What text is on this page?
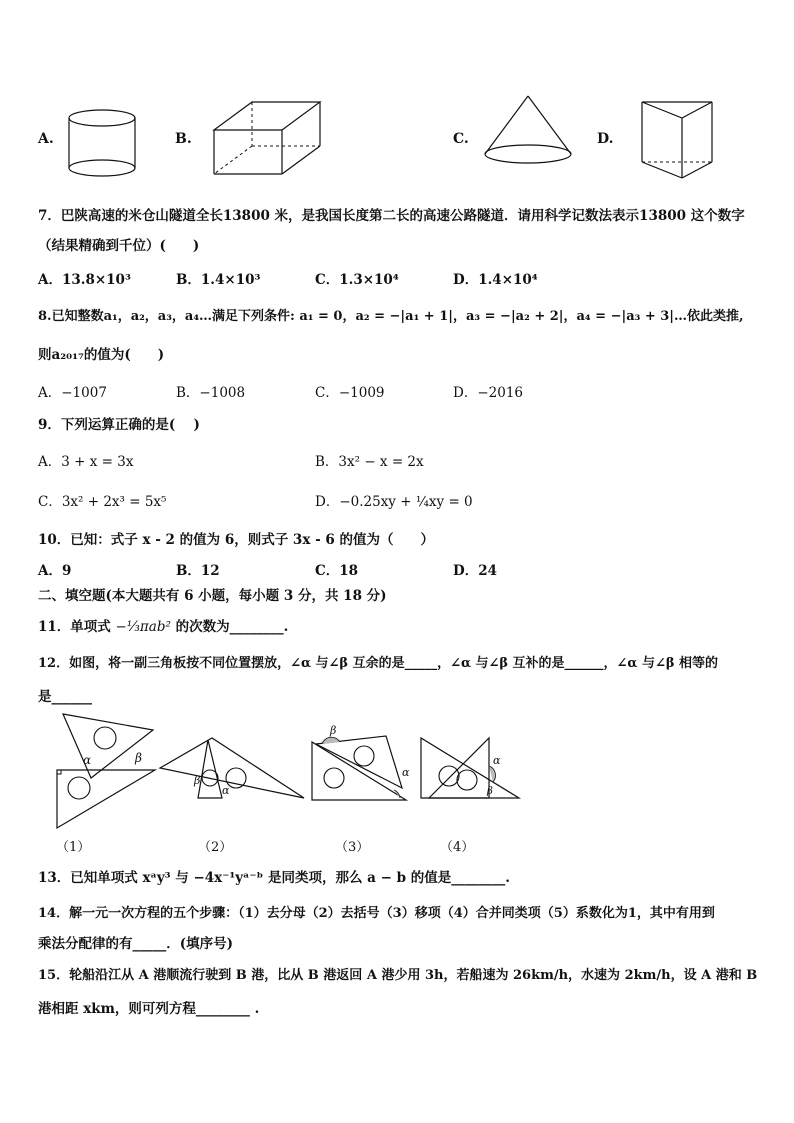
A.	B.	C.	D.
7．巴陕高速的米仓山隧道全长13800 米，是我国长度第二长的高速公路隧道．请用科学记数法表示13800 这个数字
（结果精确到千位）(　　)
A．13.8×10³	B．1.4×10³	C．1.3×10⁴	D．1.4×10⁴
8.已知整数a₁，a₂，a₃，a₄…满足下列条件: a₁ = 0，a₂ = −|a₁ + 1|，a₃ = −|a₂ + 2|，a₄ = −|a₃ + 3|…依此类推,
则a₂₀₁₇的值为(　　)
A．−1007	B．−1008	C．−1009	D．−2016
9．下列运算正确的是(　 )
A．3 + x = 3x	B．3x² − x = 2x
C．3x² + 2x³ = 5x⁵	D．−0.25xy + ¼xy = 0
10．已知：式子 x - 2 的值为 6，则式子 3x - 6 的值为（　　）
A．9	B．12	C．18	D．24
二、填空题(本大题共有 6 小题，每小题 3 分，共 18 分)
11．单项式 −⅓πab² 的次数为________.
12．如图，将一副三角板按不同位置摆放，∠α 与∠β 互余的是_____，∠α 与∠β 互补的是______，∠α 与∠β 相等的
是______
α	β
（1）
β
α
（2）
β
α
（3）
α
β
（4）
13．已知单项式 xᵃy³ 与 −4x⁻¹yᵃ⁻ᵇ 是同类项，那么 a − b 的值是________.
14．解一元一次方程的五个步骤：（1）去分母（2）去括号（3）移项（4）合并同类项（5）系数化为1，其中有用到
乘法分配律的有_____．(填序号)
15．轮船沿江从 A 港顺流行驶到 B 港，比从 B 港返回 A 港少用 3h，若船速为 26km/h，水速为 2km/h，设 A 港和 B
港相距 xkm，则可列方程________ .
